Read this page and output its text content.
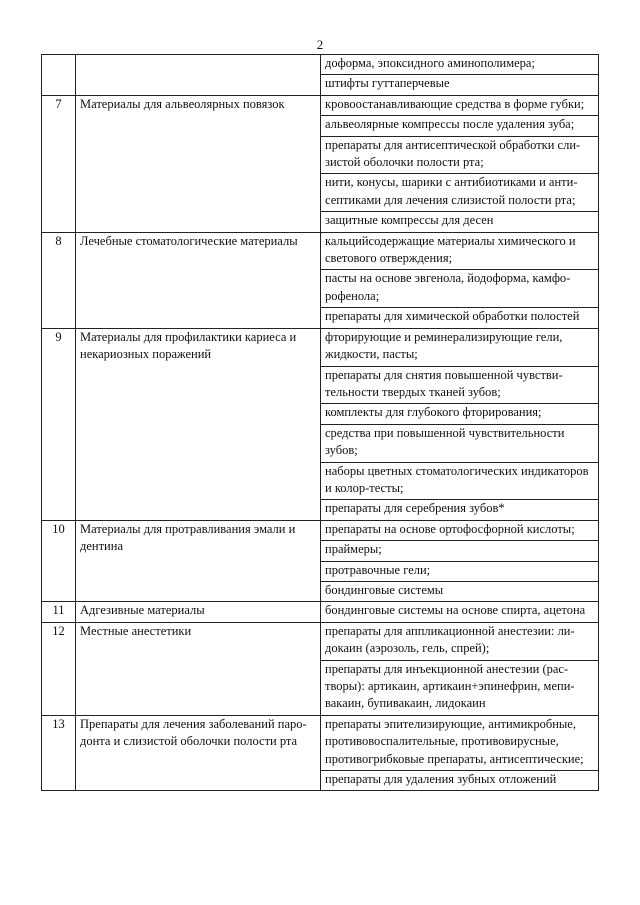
2
		доформа, эпоксидного аминополимера;
		штифты гуттаперчевые
7	Материалы для альвеолярных повязок	кровоостанавливающие средства в форме губки;
		альвеолярные компрессы после удаления зуба;
		препараты для антисептической обработки слизистой оболочки полости рта;
		нити, конусы, шарики с антибиотиками и антисептиками для лечения слизистой полости рта;
		защитные компрессы для десен
8	Лечебные стоматологические материалы	кальцийсодержащие материалы химического и светового отверждения;
		пасты на основе эвгенола, йодоформа, камфорофенола;
		препараты для химической обработки полостей
9	Материалы для профилактики кариеса и некариозных поражений	фторирующие и реминерализирующие гели, жидкости, пасты;
		препараты для снятия повышенной чувствительности твердых тканей зубов;
		комплекты для глубокого фторирования;
		средства при повышенной чувствительности зубов;
		наборы цветных стоматологических индикаторов и колор-тесты;
		препараты для серебрения зубов*
10	Материалы для протравливания эмали и дентина	препараты на основе ортофосфорной кислоты;
		праймеры;
		протравочные гели;
		бондинговые системы
11	Адгезивные материалы	бондинговые системы на основе спирта, ацетона
12	Местные анестетики	препараты для аппликационной анестезии: лидокаин (аэрозоль, гель, спрей);
		препараты для инъекционной анестезии (растворы): артикаин, артикаин+эпинефрин, мепивакаин, бупивакаин, лидокаин
13	Препараты для лечения заболеваний пародонта и слизистой оболочки полости рта	препараты эпителизирующие, антимикробные, противовоспалительные, противовирусные, противогрибковые препараты, антисептические;
		препараты для удаления зубных отложений
